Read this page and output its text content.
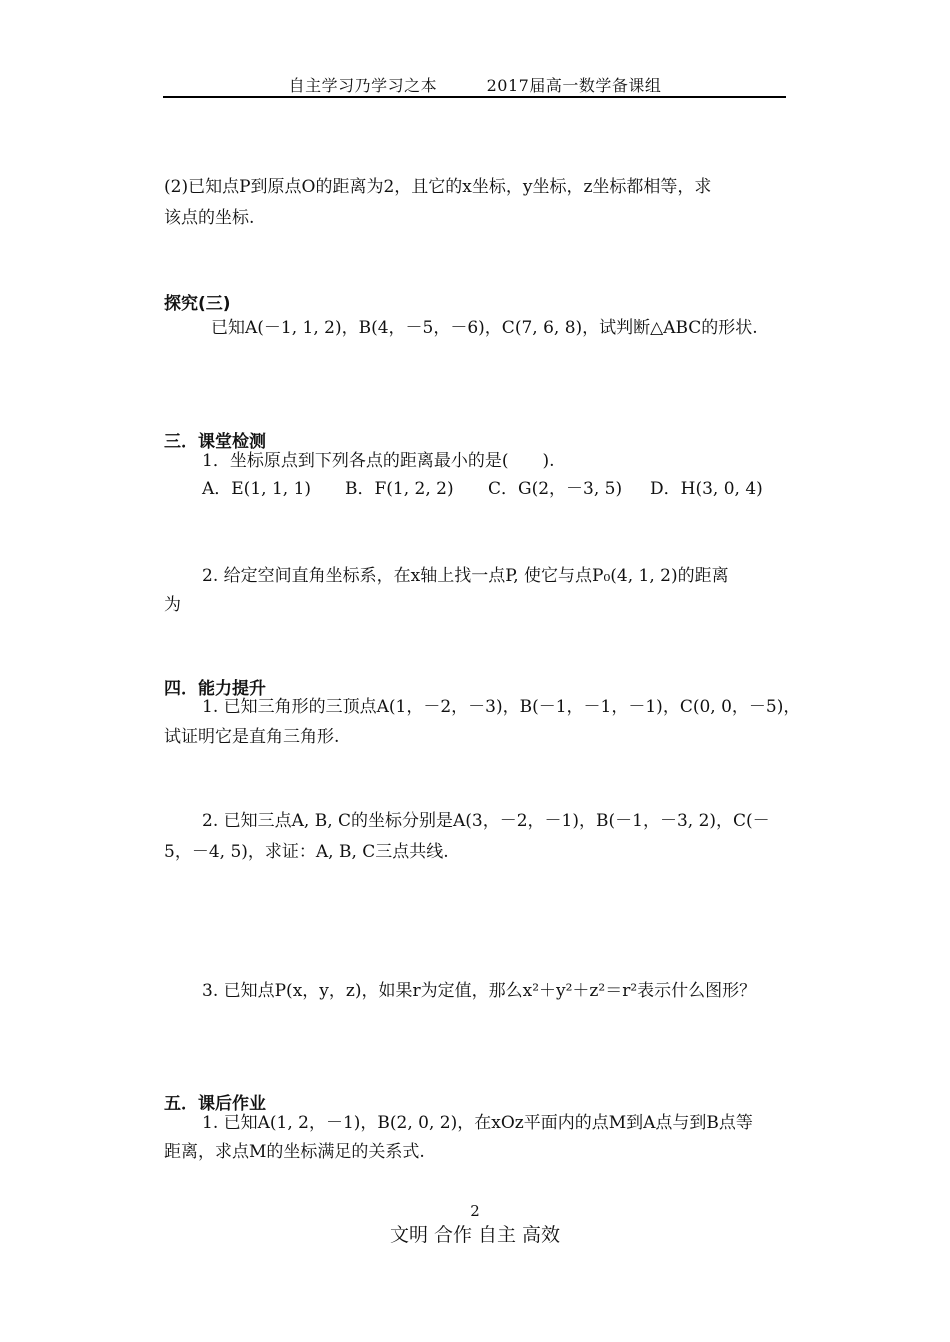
自主学习乃学习之本　　　2017届高一数学备课组
(2)已知点P到原点O的距离为2，且它的x坐标，y坐标，z坐标都相等，求
该点的坐标.
探究(三)
已知A(－1, 1, 2)，B(4，－5，－6)，C(7, 6, 8)，试判断△ABC的形状.
三．课堂检测
1．坐标原点到下列各点的距离最小的是(　　).
A．E(1, 1, 1) B．F(1, 2, 2) C．G(2，－3, 5) D．H(3, 0, 4)
2. 给定空间直角坐标系，在x轴上找一点P, 使它与点P₀(4, 1, 2)的距离
为
四．能力提升
1. 已知三角形的三顶点A(1，－2，－3)，B(－1，－1，－1)，C(0, 0，－5)，
试证明它是直角三角形.
2. 已知三点A, B, C的坐标分别是A(3，－2，－1)，B(－1，－3, 2)，C(－
5，－4, 5)，求证：A, B, C三点共线.
3. 已知点P(x，y，z)，如果r为定值，那么x²＋y²＋z²＝r²表示什么图形？
五．课后作业
1. 已知A(1, 2，－1)，B(2, 0, 2)，在xOz平面内的点M到A点与到B点等
距离，求点M的坐标满足的关系式.
2
文明 合作 自主 高效
